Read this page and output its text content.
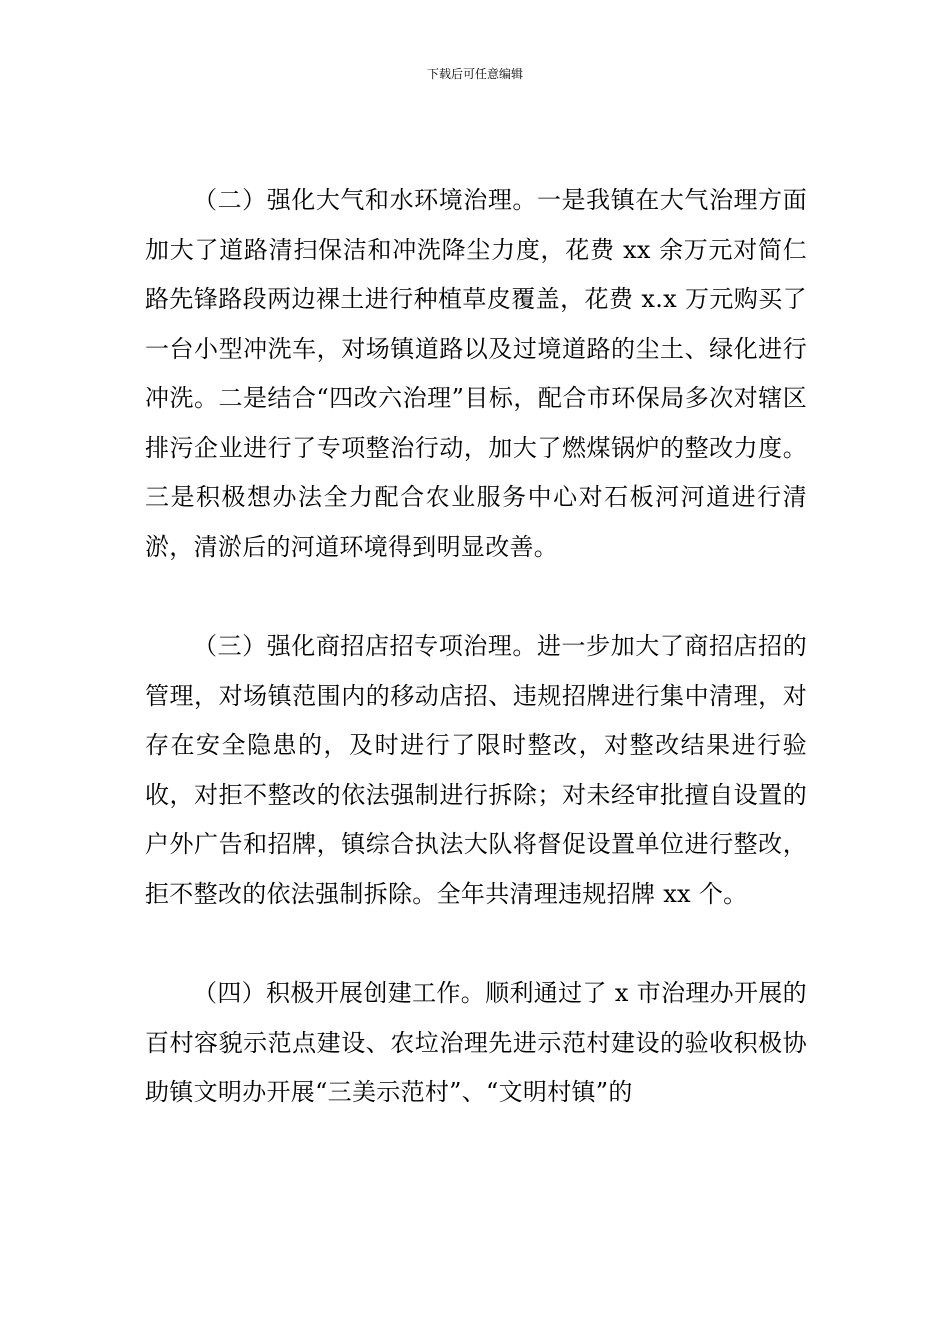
下载后可任意编辑

（二）强化大气和水环境治理。一是我镇在大气治理方面加大了道路清扫保洁和冲洗降尘力度，花费 xx 余万元对简仁路先锋路段两边裸土进行种植草皮覆盖，花费 x.x 万元购买了一台小型冲洗车，对场镇道路以及过境道路的尘土、绿化进行冲洗。二是结合“四改六治理”目标，配合市环保局多次对辖区排污企业进行了专项整治行动，加大了燃煤锅炉的整改力度。三是积极想办法全力配合农业服务中心对石板河河道进行清淤，清淤后的河道环境得到明显改善。

（三）强化商招店招专项治理。进一步加大了商招店招的管理，对场镇范围内的移动店招、违规招牌进行集中清理，对存在安全隐患的，及时进行了限时整改，对整改结果进行验收，对拒不整改的依法强制进行拆除；对未经审批擅自设置的户外广告和招牌，镇综合执法大队将督促设置单位进行整改，拒不整改的依法强制拆除。全年共清理违规招牌 xx 个。

（四）积极开展创建工作。顺利通过了 x 市治理办开展的百村容貌示范点建设、农垃治理先进示范村建设的验收积极协助镇文明办开展“三美示范村”、“文明村镇”的
